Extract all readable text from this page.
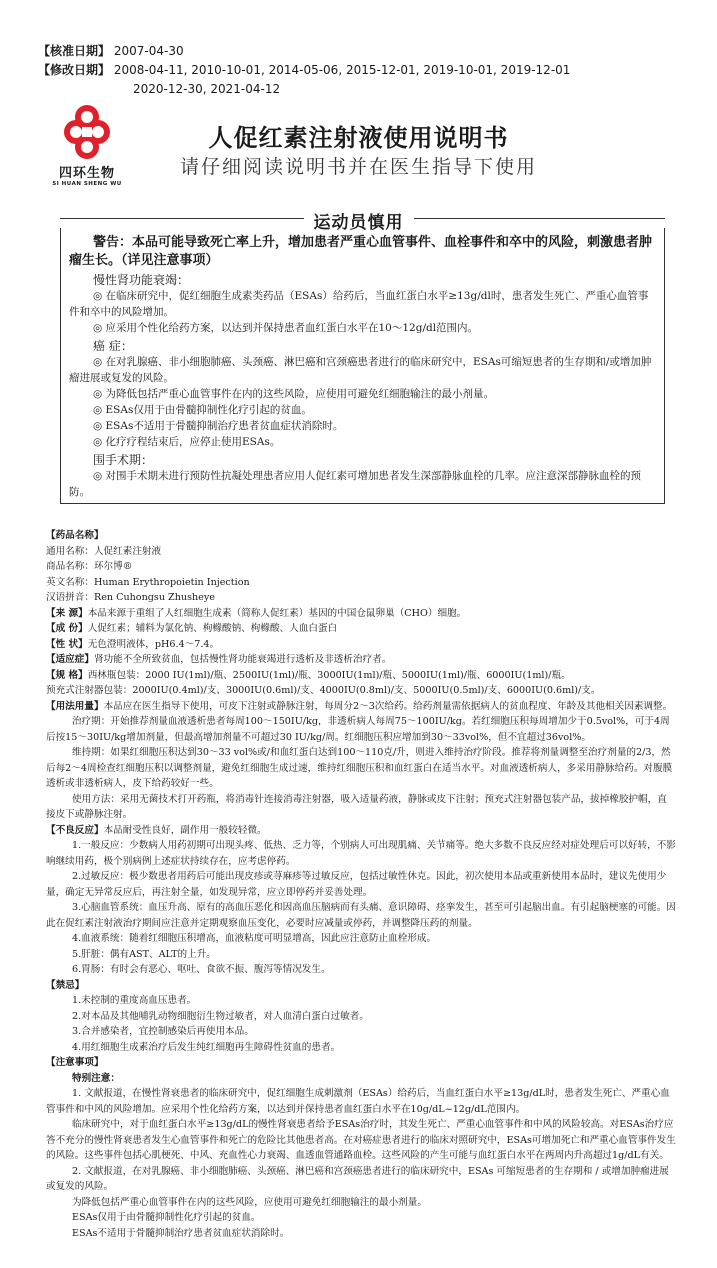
【核准日期】 2007-04-30
【修改日期】 2008-04-11, 2010-10-01, 2014-05-06, 2015-12-01, 2019-10-01, 2019-12-01
2020-12-30, 2021-04-12
四环生物
SI HUAN SHENG WU
人促红素注射液使用说明书
请仔细阅读说明书并在医生指导下使用
运动员慎用
警告：本品可能导致死亡率上升，增加患者严重心血管事件、血栓事件和卒中的风险，刺激患者肿瘤生长。（详见注意事项）
慢性肾功能衰竭：

◎ 在临床研究中，促红细胞生成素类药品（ESAs）给药后，当血红蛋白水平≥13g/dl时，患者发生死亡、严重心血管事件和卒中的风险增加。

◎ 应采用个性化给药方案，以达到并保持患者血红蛋白水平在10～12g/dl范围内。

癌 症：

◎ 在对乳腺癌、非小细胞肺癌、头颈癌、淋巴癌和宫颈癌患者进行的临床研究中，ESAs可缩短患者的生存期和/或增加肿瘤进展或复发的风险。

◎ 为降低包括严重心血管事件在内的这些风险，应使用可避免红细胞输注的最小剂量。

◎ ESAs仅用于由骨髓抑制性化疗引起的贫血。

◎ ESAs不适用于骨髓抑制治疗患者贫血症状消除时。

◎ 化疗疗程结束后，应停止使用ESAs。

围手术期：

◎ 对围手术期未进行预防性抗凝处理患者应用人促红素可增加患者发生深部静脉血栓的几率。应注意深部静脉血栓的预防。

【药品名称】

通用名称：人促红素注射液

商品名称：环尔博®

英文名称：Human Erythropoietin Injection

汉语拼音：Ren Cuhongsu Zhusheye

【来 源】本品来源于重组了人红细胞生成素（简称人促红素）基因的中国仓鼠卵巢（CHO）细胞。

【成 份】人促红素；辅料为氯化钠、枸橼酸钠、枸橼酸、人血白蛋白

【性 状】无色澄明液体，pH6.4～7.4。

【适应症】肾功能不全所致贫血，包括慢性肾功能衰竭进行透析及非透析治疗者。

【规 格】西林瓶包装：2000 IU(1ml)/瓶、2500IU(1ml)/瓶、3000IU(1ml)/瓶、5000IU(1ml)/瓶、6000IU(1ml)/瓶。

预充式注射器包装：2000IU(0.4ml)/支、3000IU(0.6ml)/支、4000IU(0.8ml)/支、5000IU(0.5ml)/支、6000IU(0.6ml)/支。

【用法用量】本品应在医生指导下使用，可皮下注射或静脉注射，每周分2～3次给药。给药剂量需依据病人的贫血程度、年龄及其他相关因素调整。

治疗期：开始推荐剂量血液透析患者每周100～150IU/kg，非透析病人每周75～100IU/kg。若红细胞压积每周增加少于0.5vol%，可于4周后按15～30IU/kg增加剂量，但最高增加剂量不可超过30 IU/kg/周。红细胞压积应增加到30～33vol%，但不宜超过36vol%。

维持期：如果红细胞压积达到30～33 vol%或/和血红蛋白达到100～110克/升，则进入维持治疗阶段。推荐将剂量调整至治疗剂量的2/3，然后每2～4周检查红细胞压积以调整剂量，避免红细胞生成过速，维持红细胞压积和血红蛋白在适当水平。对血液透析病人，多采用静脉给药。对腹膜透析或非透析病人，皮下给药较好一些。

使用方法：采用无菌技术打开药瓶，将消毒针连接消毒注射器，吸入适量药液，静脉或皮下注射；预充式注射器包装产品，拔掉橡胶护帽，直接皮下或静脉注射。

【不良反应】本品耐受性良好，副作用一般较轻微。

1.一般反应：少数病人用药初期可出现头疼、低热、乏力等，个别病人可出现肌痛、关节痛等。绝大多数不良反应经对症处理后可以好转，不影响继续用药，极个别病例上述症状持续存在，应考虑停药。

2.过敏反应：极少数患者用药后可能出现皮疹或荨麻疹等过敏反应，包括过敏性休克。因此，初次使用本品或重新使用本品时，建议先使用少量，确定无异常反应后，再注射全量，如发现异常，应立即停药并妥善处理。

3.心脑血管系统：血压升高、原有的高血压恶化和因高血压脑病而有头痛、意识障碍、痉挛发生，甚至可引起脑出血。有引起脑梗塞的可能。因此在促红素注射液治疗期间应注意并定期观察血压变化，必要时应减量或停药，并调整降压药的剂量。

4.血液系统：随着红细胞压积增高，血液粘度可明显增高，因此应注意防止血栓形成。

5.肝脏：偶有AST、ALT的上升。

6.胃肠：有时会有恶心、呕吐、食欲不振、腹泻等情况发生。

【禁忌】

1.未控制的重度高血压患者。

2.对本品及其他哺乳动物细胞衍生物过敏者，对人血清白蛋白过敏者。

3.合并感染者，宜控制感染后再使用本品。

4.用红细胞生成素治疗后发生纯红细胞再生障碍性贫血的患者。

【注意事项】

特别注意：

1. 文献报道，在慢性肾衰患者的临床研究中，促红细胞生成刺激剂（ESAs）给药后，当血红蛋白水平≥13g/dL时，患者发生死亡、严重心血管事件和中风的风险增加。应采用个性化给药方案，以达到并保持患者血红蛋白水平在10g/dL~12g/dL范围内。

临床研究中，对于血红蛋白水平≥13g/dL的慢性肾衰患者给予ESAs治疗时，其发生死亡、严重心血管事件和中风的风险较高。对ESAs治疗应答不充分的慢性肾衰患者发生心血管事件和死亡的危险比其他患者高。在对癌症患者进行的临床对照研究中，ESAs可增加死亡和严重心血管事件发生的风险。这些事件包括心肌梗死、中风、充血性心力衰竭、血透血管通路血栓。这些风险的产生可能与血红蛋白水平在两周内升高超过1g/dL有关。

2. 文献报道，在对乳腺癌、非小细胞肺癌、头颈癌、淋巴癌和宫颈癌患者进行的临床研究中，ESAs 可缩短患者的生存期和 / 或增加肿瘤进展或复发的风险。

为降低包括严重心血管事件在内的这些风险，应使用可避免红细胞输注的最小剂量。

ESAs仅用于由骨髓抑制性化疗引起的贫血。

ESAs不适用于骨髓抑制治疗患者贫血症状消除时。
